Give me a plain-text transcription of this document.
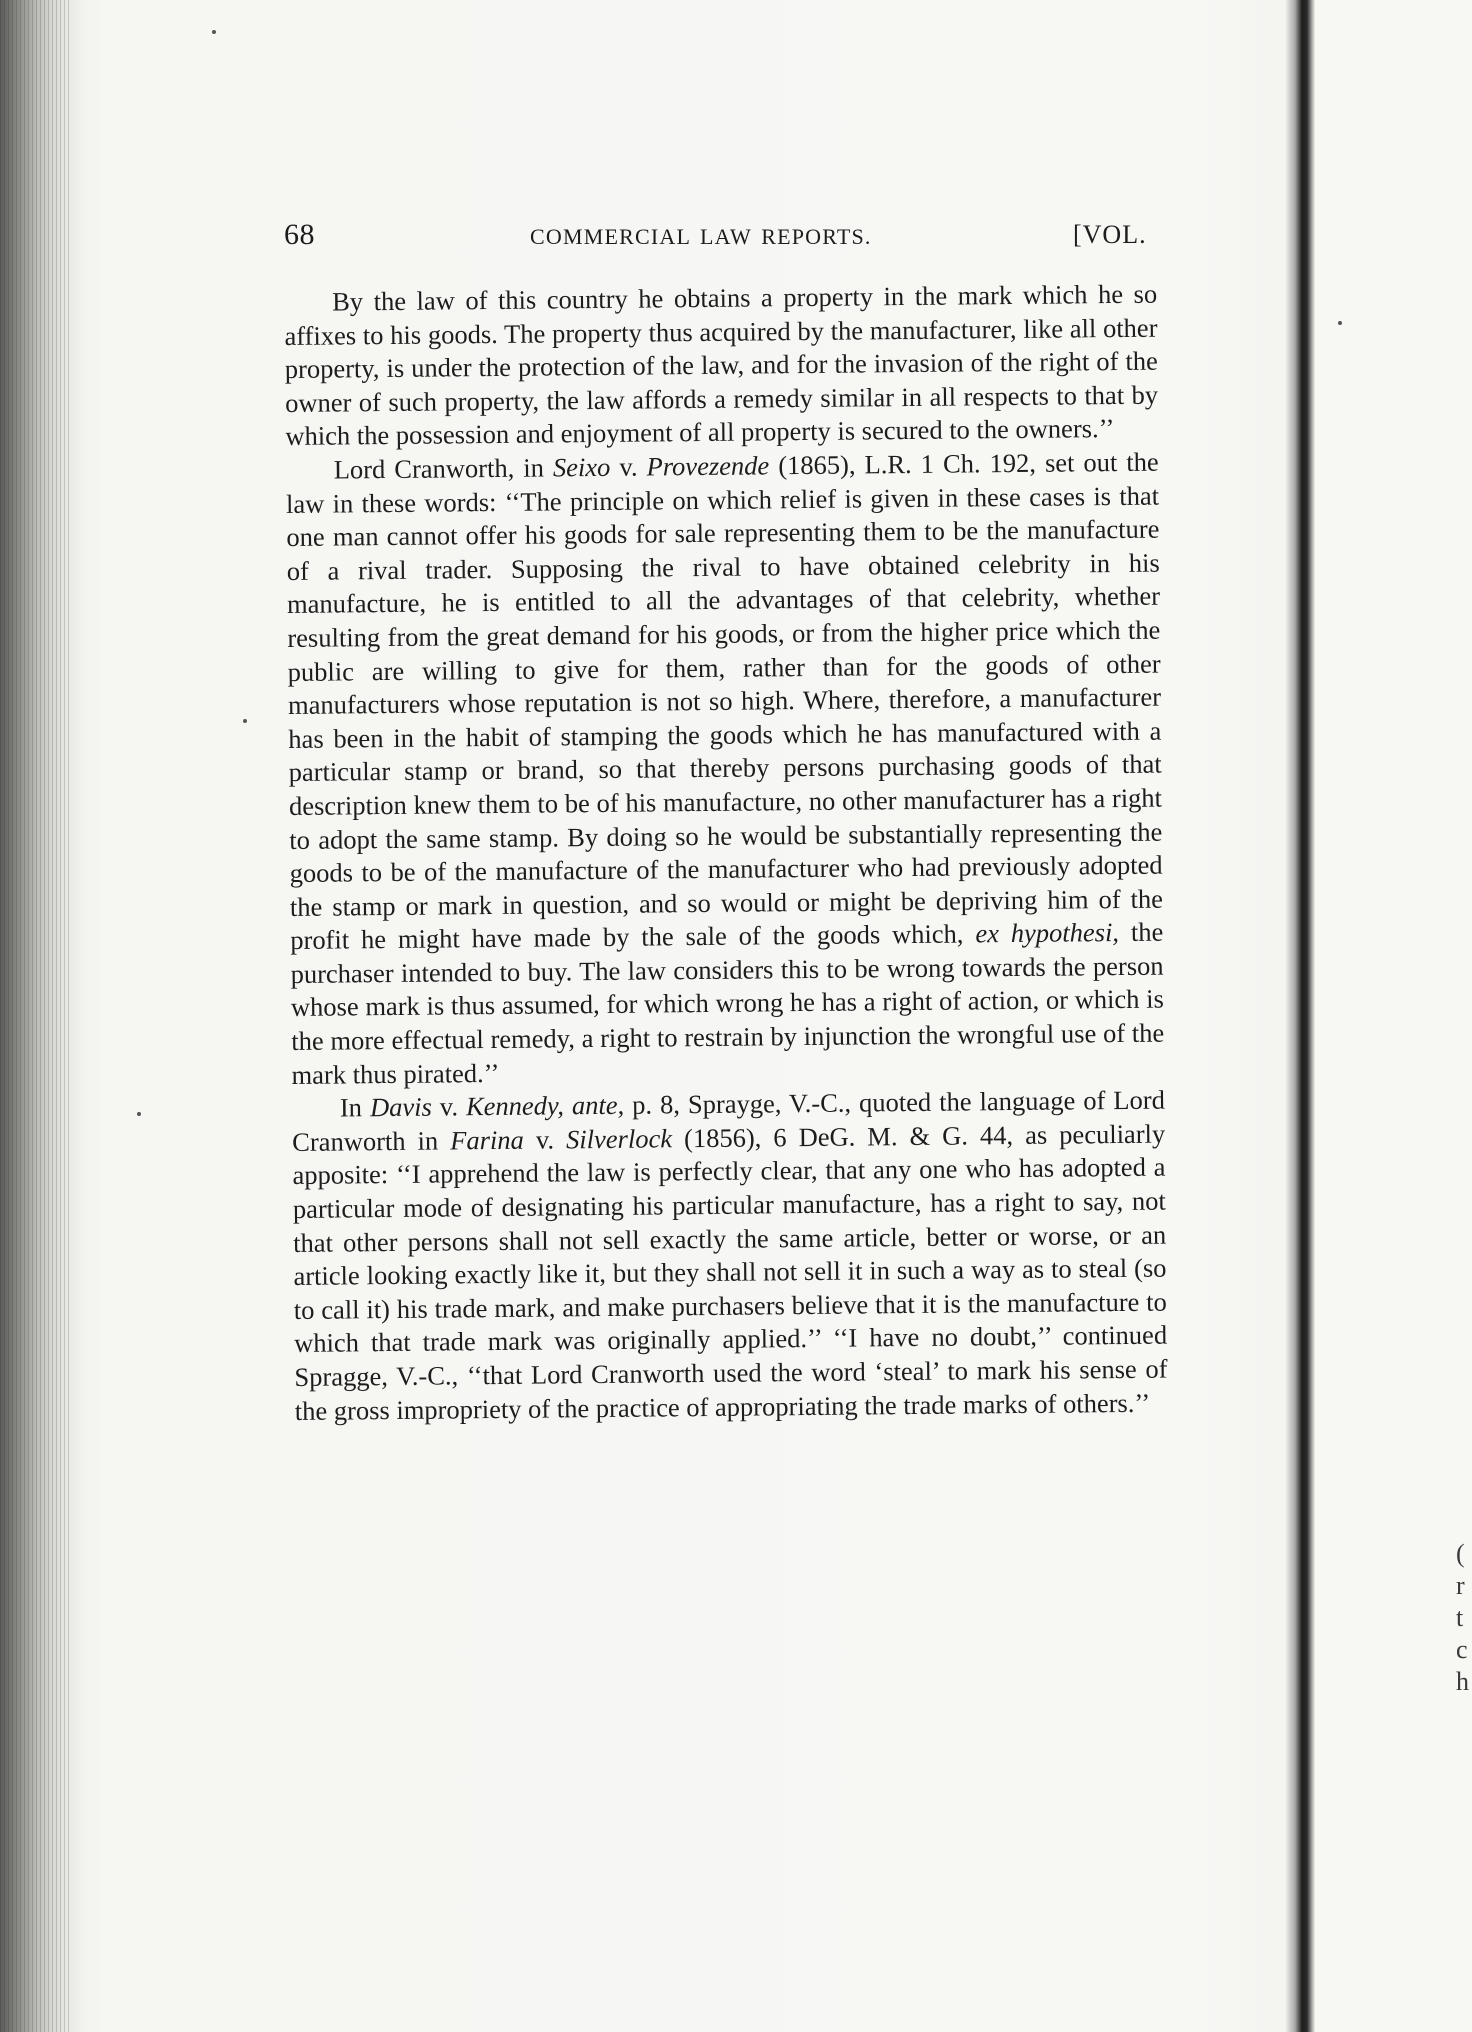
68	COMMERCIAL LAW REPORTS.	[VOL.

By the law of this country he obtains a property in the mark which he so affixes to his goods. The property thus acquired by the manufacturer, like all other property, is under the protection of the law, and for the invasion of the right of the owner of such property, the law affords a remedy similar in all respects to that by which the possession and enjoyment of all property is secured to the owners.’’

Lord Cranworth, in Seixo v. Provezende (1865), L.R. 1 Ch. 192, set out the law in these words: ‘‘The principle on which relief is given in these cases is that one man cannot offer his goods for sale representing them to be the manufacture of a rival trader. Supposing the rival to have obtained celebrity in his manufacture, he is entitled to all the advantages of that celebrity, whether resulting from the great demand for his goods, or from the higher price which the public are willing to give for them, rather than for the goods of other manufacturers whose reputation is not so high. Where, therefore, a manufacturer has been in the habit of stamping the goods which he has manufactured with a particular stamp or brand, so that thereby persons purchasing goods of that description knew them to be of his manufacture, no other manufacturer has a right to adopt the same stamp. By doing so he would be substantially representing the goods to be of the manufacture of the manufacturer who had previously adopted the stamp or mark in question, and so would or might be depriving him of the profit he might have made by the sale of the goods which, ex hypothesi, the purchaser intended to buy. The law considers this to be wrong towards the person whose mark is thus assumed, for which wrong he has a right of action, or which is the more effectual remedy, a right to restrain by injunction the wrongful use of the mark thus pirated.’’

In Davis v. Kennedy, ante, p. 8, Sprayge, V.-C., quoted the language of Lord Cranworth in Farina v. Silverlock (1856), 6 DeG. M. & G. 44, as peculiarly apposite: ‘‘I apprehend the law is perfectly clear, that any one who has adopted a particular mode of designating his particular manufacture, has a right to say, not that other persons shall not sell exactly the same article, better or worse, or an article looking exactly like it, but they shall not sell it in such a way as to steal (so to call it) his trade mark, and make purchasers believe that it is the manufacture to which that trade mark was originally applied.’’ ‘‘I have no doubt,’’ continued Spragge, V.-C., ‘‘that Lord Cranworth used the word ‘steal’ to mark his sense of the gross impropriety of the practice of appropriating the trade marks of others.’’

(
r
t
c
h
